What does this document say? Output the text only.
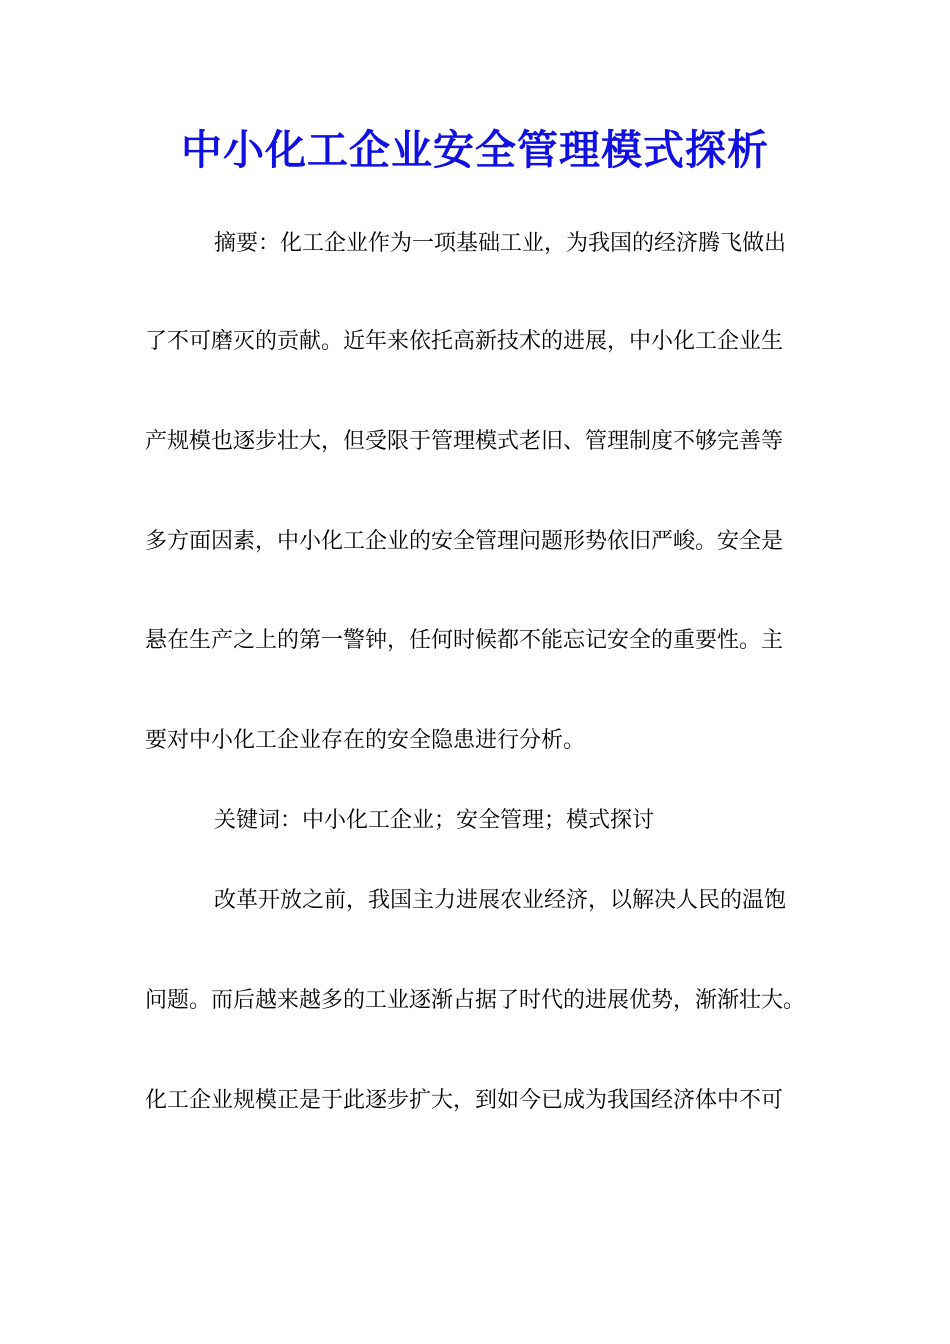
中小化工企业安全管理模式探析

摘要：化工企业作为一项基础工业，为我国的经济腾飞做出

了不可磨灭的贡献。近年来依托高新技术的进展，中小化工企业生

产规模也逐步壮大，但受限于管理模式老旧、管理制度不够完善等

多方面因素，中小化工企业的安全管理问题形势依旧严峻。安全是

悬在生产之上的第一警钟，任何时候都不能忘记安全的重要性。主

要对中小化工企业存在的安全隐患进行分析。

关键词：中小化工企业；安全管理；模式探讨

改革开放之前，我国主力进展农业经济，以解决人民的温饱

问题。而后越来越多的工业逐渐占据了时代的进展优势，渐渐壮大。

化工企业规模正是于此逐步扩大，到如今已成为我国经济体中不可
